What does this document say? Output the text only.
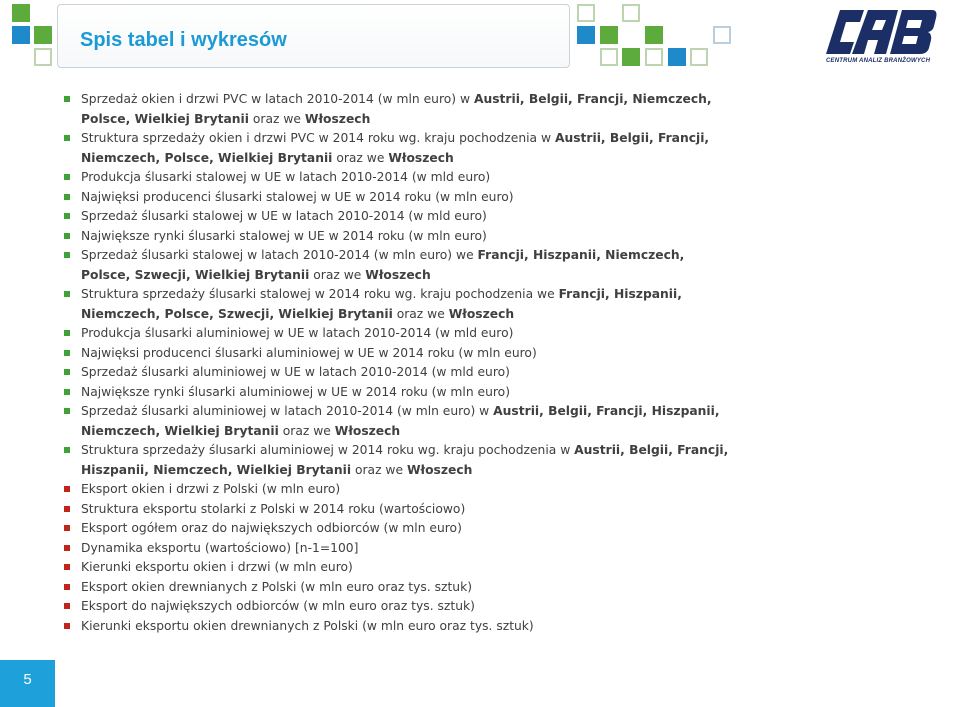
Spis tabel i wykresów
CENTRUM ANALIZ BRANŻOWYCH
Sprzedaż okien i drzwi PVC w latach 2010-2014 (w mln euro) w Austrii, Belgii, Francji, Niemczech,
Polsce, Wielkiej Brytanii oraz we Włoszech
Struktura sprzedaży okien i drzwi PVC w 2014 roku wg. kraju pochodzenia w Austrii, Belgii, Francji,
Niemczech, Polsce, Wielkiej Brytanii oraz we Włoszech
Produkcja ślusarki stalowej w UE w latach 2010-2014 (w mld euro)
Najwięksi producenci ślusarki stalowej w UE w 2014 roku (w mln euro)
Sprzedaż ślusarki stalowej w UE w latach 2010-2014 (w mld euro)
Największe rynki ślusarki stalowej w UE w 2014 roku (w mln euro)
Sprzedaż ślusarki stalowej w latach 2010-2014 (w mln euro) we Francji, Hiszpanii, Niemczech,
Polsce, Szwecji, Wielkiej Brytanii oraz we Włoszech
Struktura sprzedaży ślusarki stalowej w 2014 roku wg. kraju pochodzenia we Francji, Hiszpanii,
Niemczech, Polsce, Szwecji, Wielkiej Brytanii oraz we Włoszech
Produkcja ślusarki aluminiowej w UE w latach 2010-2014 (w mld euro)
Najwięksi producenci ślusarki aluminiowej w UE w 2014 roku (w mln euro)
Sprzedaż ślusarki aluminiowej w UE w latach 2010-2014 (w mld euro)
Największe rynki ślusarki aluminiowej w UE w 2014 roku (w mln euro)
Sprzedaż ślusarki aluminiowej w latach 2010-2014 (w mln euro) w Austrii, Belgii, Francji, Hiszpanii,
Niemczech, Wielkiej Brytanii oraz we Włoszech
Struktura sprzedaży ślusarki aluminiowej w 2014 roku wg. kraju pochodzenia w Austrii, Belgii, Francji,
Hiszpanii, Niemczech, Wielkiej Brytanii oraz we Włoszech
Eksport okien i drzwi z Polski (w mln euro)
Struktura eksportu stolarki z Polski w 2014 roku (wartościowo)
Eksport ogółem oraz do największych odbiorców (w mln euro)
Dynamika eksportu (wartościowo) [n-1=100]
Kierunki eksportu okien i drzwi (w mln euro)
Eksport okien drewnianych z Polski (w mln euro oraz tys. sztuk)
Eksport do największych odbiorców (w mln euro oraz tys. sztuk)
Kierunki eksportu okien drewnianych z Polski (w mln euro oraz tys. sztuk)
5
